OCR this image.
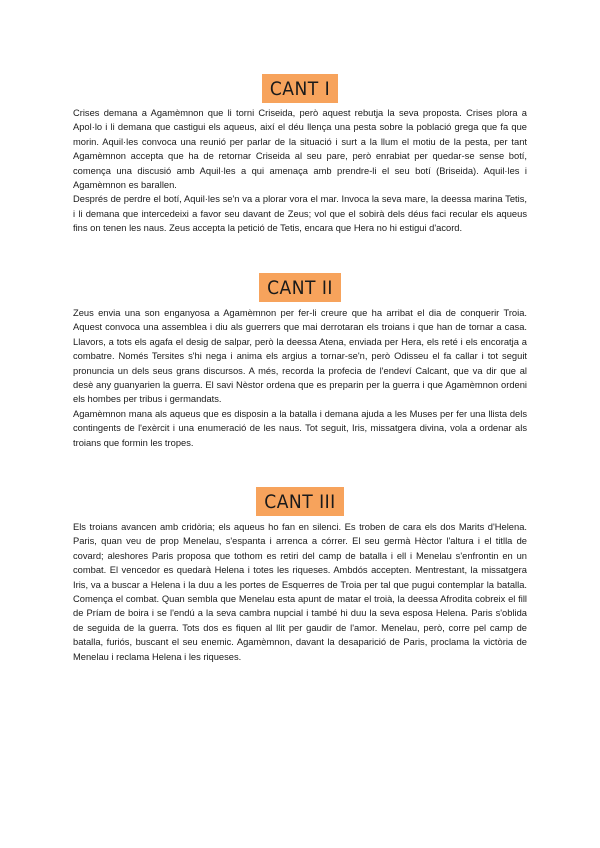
CANT I

Crises demana a Agamèmnon que li torni Criseida, però aquest rebutja la seva proposta. Crises plora a Apol·lo i li demana que castigui els aqueus, així el déu llença una pesta sobre la població grega que fa que morin. Aquil·les convoca una reunió per parlar de la situació i surt a la llum el motiu de la pesta, per tant Agamèmnon accepta que ha de retornar Criseida al seu pare, però enrabiat per quedar-se sense botí, comença una discusió amb Aquil·les a qui amenaça amb prendre-li el seu botí (Briseida). Aquil·les i Agamèmnon es barallen.

Després de perdre el botí, Aquil·les se'n va a plorar vora el mar. Invoca la seva mare, la deessa marina Tetis, i li demana que intercedeixi a favor seu davant de Zeus; vol que el sobirà dels déus faci recular els aqueus fins on tenen les naus. Zeus accepta la petició de Tetis, encara que Hera no hi estigui d'acord.

CANT II

Zeus envia una son enganyosa a Agamèmnon per fer-li creure que ha arribat el dia de conquerir Troia. Aquest convoca una assemblea i diu als guerrers que mai derrotaran els troians i que han de tornar a casa. Llavors, a tots els agafa el desig de salpar, però la deessa Atena, enviada per Hera, els reté i els encoratja a combatre. Només Tersites s'hi nega i anima els argius a tornar-se'n, però Odisseu el fa callar i tot seguit pronuncia un dels seus grans discursos. A més, recorda la profecia de l'endeví Calcant, que va dir que al desè any guanyarien la guerra. El savi Nèstor ordena que es preparin per la guerra i que Agamèmnon ordeni els hombes per tribus i germandats.

Agamèmnon mana als aqueus que es disposin a la batalla i demana ajuda a les Muses per fer una llista dels contingents de l'exèrcit i una enumeració de les naus. Tot seguit, Iris, missatgera divina, vola a ordenar als troians que formin les tropes.

CANT III

Els troians avancen amb cridòria; els aqueus ho fan en silenci. Es troben de cara els dos Marits d'Helena. Paris, quan veu de prop Menelau, s'espanta i arrenca a córrer. El seu germà Hèctor l'altura i el titlla de covard; aleshores Paris proposa que tothom es retiri del camp de batalla i ell i Menelau s'enfrontin en un combat. El vencedor es quedarà Helena i totes les riqueses. Ambdós accepten. Mentrestant, la missatgera Iris, va a buscar a Helena i la duu a les portes de Esquerres de Troia per tal que pugui contemplar la batalla. Comença el combat. Quan sembla que Menelau esta apunt de matar el troià, la deessa Afrodita cobreix el fill de Príam de boira i se l'endú a la seva cambra nupcial i també hi duu la seva esposa Helena. Paris s'oblida de seguida de la guerra. Tots dos es fiquen al llit per gaudir de l'amor. Menelau, però, corre pel camp de batalla, furiós, buscant el seu enemic. Agamèmnon, davant la desaparició de Paris, proclama la victòria de Menelau i reclama Helena i les riqueses.
